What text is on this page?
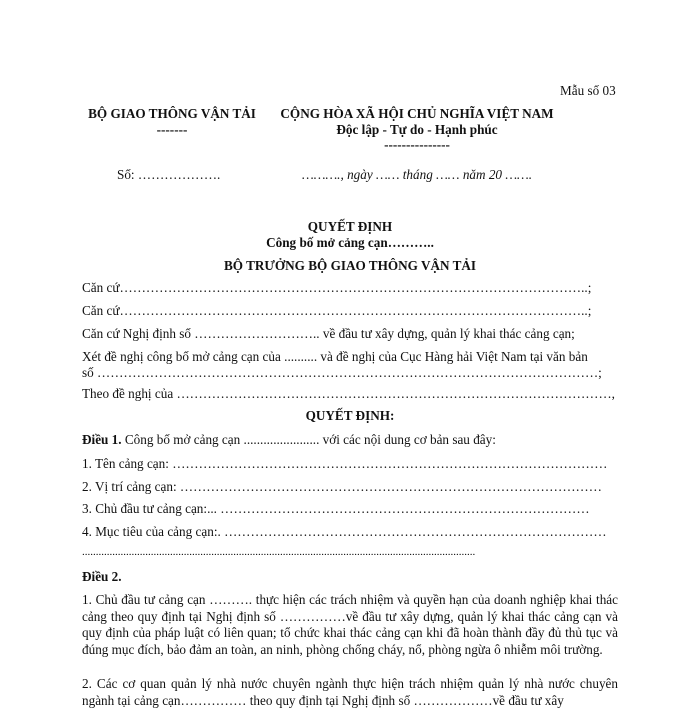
Mẫu số 03
BỘ GIAO THÔNG VẬN TẢI
-------
CỘNG HÒA XÃ HỘI CHỦ NGHĨA VIỆT NAM
Độc lập - Tự do - Hạnh phúc
---------------
Số: ……………….	………., ngày …… tháng …… năm 20 …….
QUYẾT ĐỊNH
Công bố mở cảng cạn………..
BỘ TRƯỞNG BỘ GIAO THÔNG VẬN TẢI
Căn cứ……………………………………………………………………………………………..;
Căn cứ……………………………………………………………………………………………..;
Căn cứ Nghị định số ……………………….. về đầu tư xây dựng, quản lý khai thác cảng cạn;
Xét đề nghị công bố mở cảng cạn của .......... và đề nghị của Cục Hàng hải Việt Nam tại văn bản
số ……………………………………………………………………………………………………;
Theo đề nghị của ………………………………………………………………………………………,
QUYẾT ĐỊNH:
Điều 1. Công bố mở cảng cạn ....................... với các nội dung cơ bản sau đây:
1. Tên cảng cạn: ………………………………………………………………………………………
2. Vị trí cảng cạn: ……………………………………………………………………………………
3. Chủ đầu tư cảng cạn:... …………………………………………………………………………
4. Mục tiêu của cảng cạn:. ……………………………………………………………………………
...............................................................................................................................................
Điều 2.
1. Chủ đầu tư cảng cạn ………. thực hiện các trách nhiệm và quyền hạn của doanh nghiệp khai thác cảng theo quy định tại Nghị định số ……………về đầu tư xây dựng, quản lý khai thác cảng cạn và quy định của pháp luật có liên quan; tổ chức khai thác cảng cạn khi đã hoàn thành đầy đủ thủ tục và đúng mục đích, bảo đảm an toàn, an ninh, phòng chống cháy, nổ, phòng ngừa ô nhiễm môi trường.
2. Các cơ quan quản lý nhà nước chuyên ngành thực hiện trách nhiệm quản lý nhà nước chuyên ngành tại cảng cạn…………… theo quy định tại Nghị định số ………………về đầu tư xây
